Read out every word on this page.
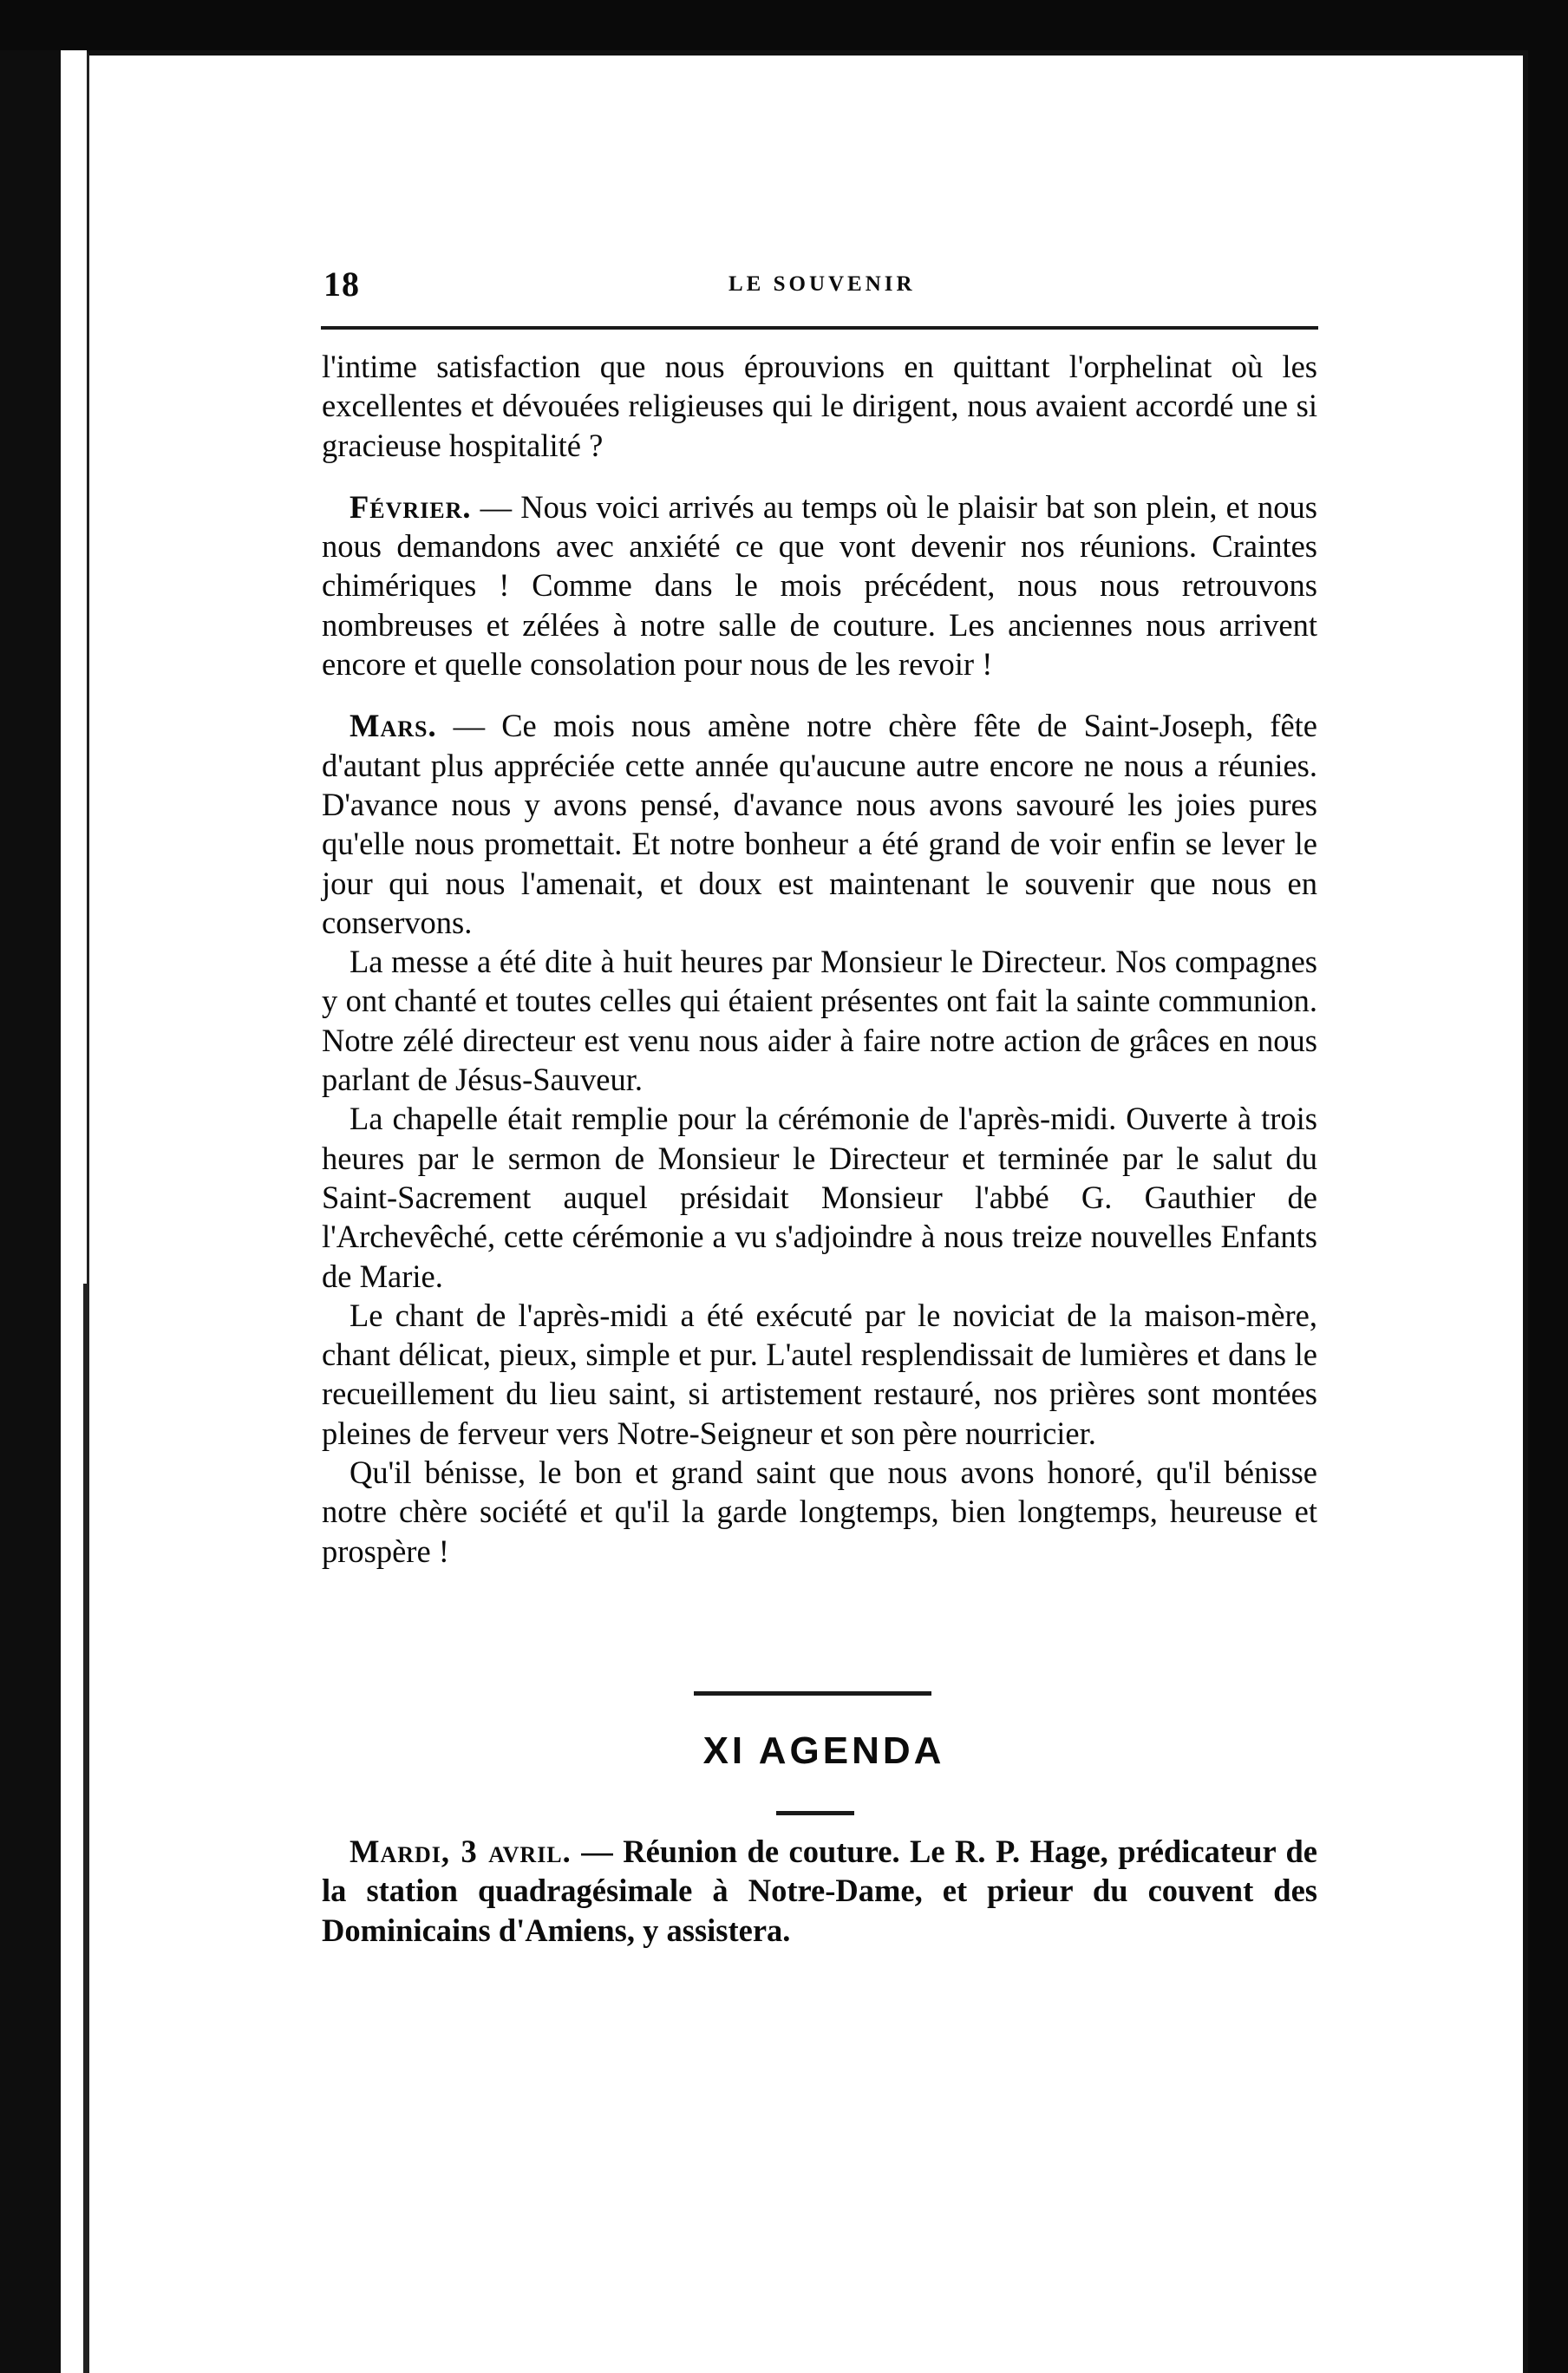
18	LE SOUVENIR

l'intime satisfaction que nous éprouvions en quittant l'orphelinat où les excellentes et dévouées religieuses qui le dirigent, nous avaient accordé une si gracieuse hospitalité ?

Février. — Nous voici arrivés au temps où le plaisir bat son plein, et nous nous demandons avec anxiété ce que vont devenir nos réunions. Craintes chimériques ! Comme dans le mois précédent, nous nous retrouvons nombreuses et zélées à notre salle de couture. Les anciennes nous arrivent encore et quelle consolation pour nous de les revoir !

Mars. — Ce mois nous amène notre chère fête de Saint-Joseph, fête d'autant plus appréciée cette année qu'aucune autre encore ne nous a réunies. D'avance nous y avons pensé, d'avance nous avons savouré les joies pures qu'elle nous promettait. Et notre bonheur a été grand de voir enfin se lever le jour qui nous l'amenait, et doux est maintenant le souvenir que nous en conservons.

La messe a été dite à huit heures par Monsieur le Directeur. Nos compagnes y ont chanté et toutes celles qui étaient présentes ont fait la sainte communion. Notre zélé directeur est venu nous aider à faire notre action de grâces en nous parlant de Jésus-Sauveur.

La chapelle était remplie pour la cérémonie de l'après-midi. Ouverte à trois heures par le sermon de Monsieur le Directeur et terminée par le salut du Saint-Sacrement auquel présidait Monsieur l'abbé G. Gauthier de l'Archevêché, cette cérémonie a vu s'adjoindre à nous treize nouvelles Enfants de Marie.

Le chant de l'après-midi a été exécuté par le noviciat de la maison-mère, chant délicat, pieux, simple et pur. L'autel resplendissait de lumières et dans le recueillement du lieu saint, si artistement restauré, nos prières sont montées pleines de ferveur vers Notre-Seigneur et son père nourricier.

Qu'il bénisse, le bon et grand saint que nous avons honoré, qu'il bénisse notre chère société et qu'il la garde longtemps, bien longtemps, heureuse et prospère !

XI AGENDA
Mardi, 3 avril. — Réunion de couture. Le R. P. Hage, prédicateur de la station quadragésimale à Notre-Dame, et prieur du couvent des Dominicains d'Amiens, y assistera.
